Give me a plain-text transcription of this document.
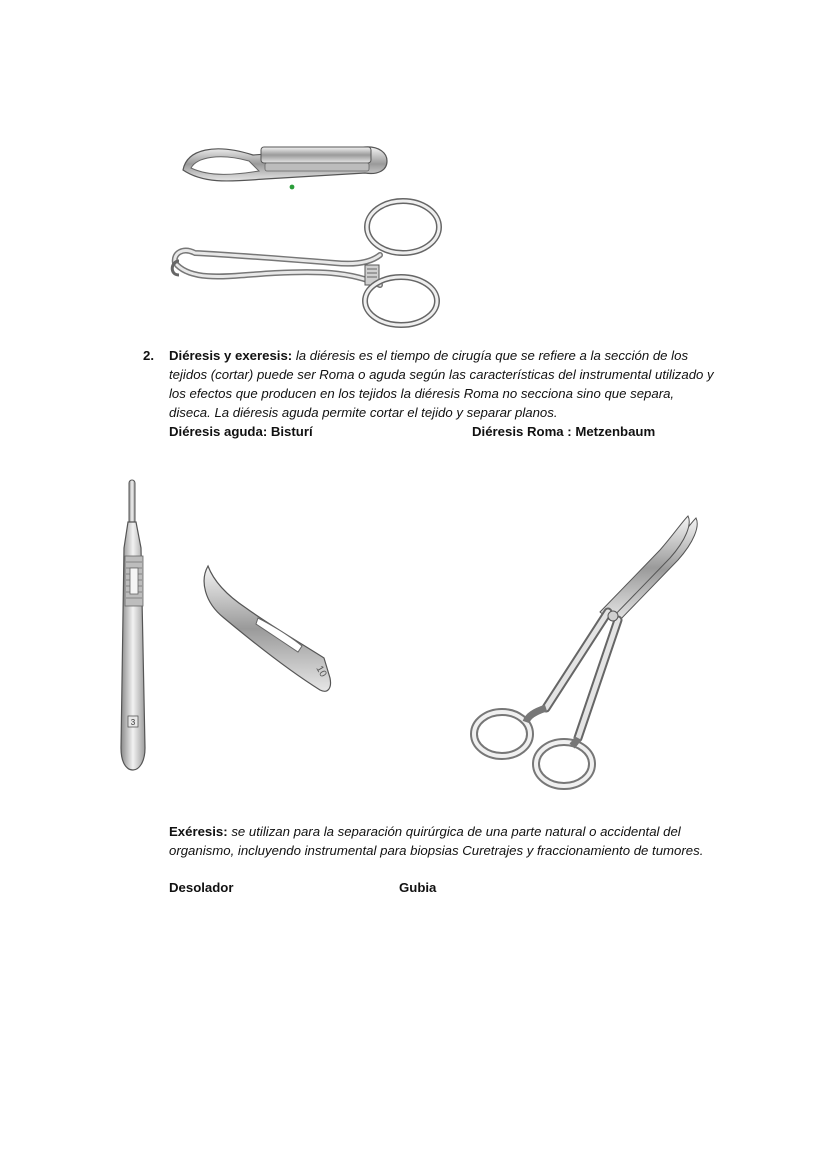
2. Diéresis y exeresis: la diéresis es el tiempo de cirugía que se refiere a la sección de los tejidos (cortar) puede ser Roma o aguda según las características del instrumental utilizado y los efectos que producen en los tejidos la diéresis Roma no secciona sino que separa, diseca. La diéresis aguda permite cortar el tejido y separar planos.
Diéresis aguda: Bisturí	Diéresis Roma : Metzenbaum
3
10
Exéresis: se utilizan para la separación quirúrgica de una parte natural o accidental del organismo, incluyendo instrumental para biopsias Curetrajes y fraccionamiento de tumores.
Desolador	Gubia
